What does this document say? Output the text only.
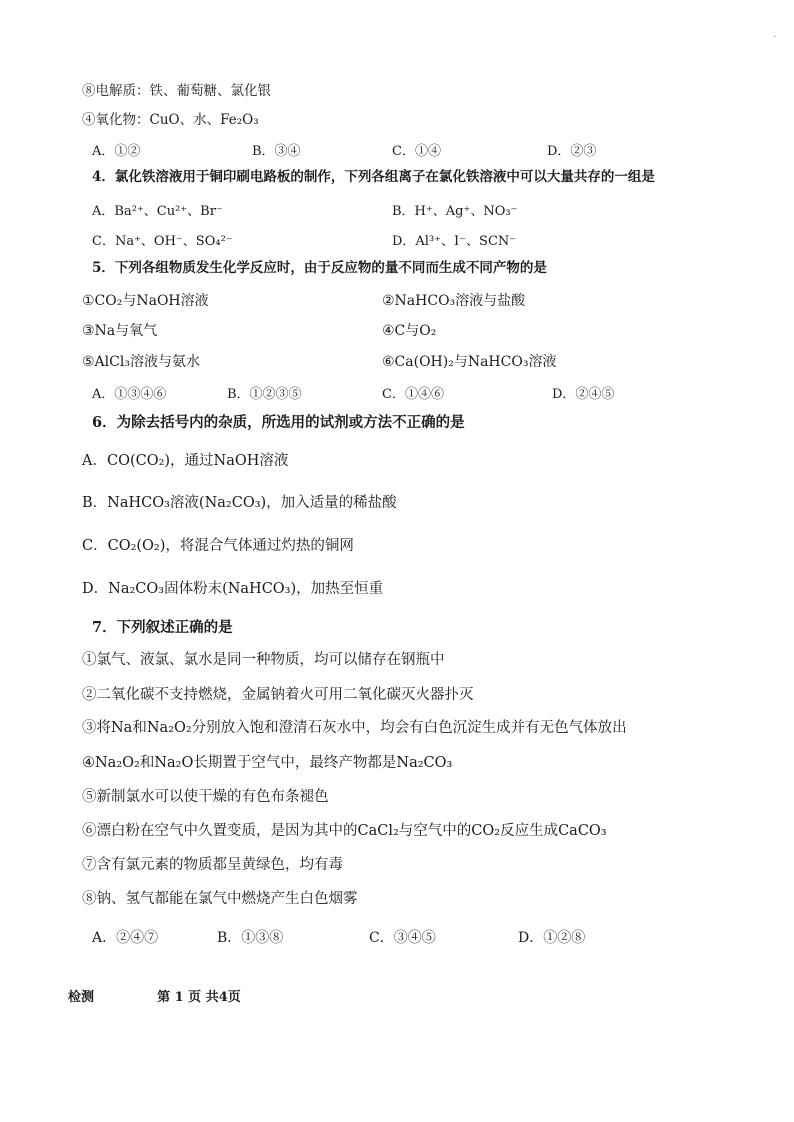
.
⑧电解质：铁、葡萄糖、氯化银
④氧化物：CuO、水、Fe₂O₃
A．①②	B．③④	C．①④	D．②③
4．氯化铁溶液用于铜印刷电路板的制作，下列各组离子在氯化铁溶液中可以大量共存的一组是
A．Ba²⁺、Cu²⁺、Br⁻	B．H⁺、Ag⁺、NO₃⁻
C．Na⁺、OH⁻、SO₄²⁻	D．Al³⁺、I⁻、SCN⁻
5．下列各组物质发生化学反应时，由于反应物的量不同而生成不同产物的是
①CO₂与NaOH溶液	②NaHCO₃溶液与盐酸
③Na与氧气	④C与O₂
⑤AlCl₃溶液与氨水	⑥Ca(OH)₂与NaHCO₃溶液
A．①③④⑥	B．①②③⑤	C．①④⑥	D．②④⑤
6．为除去括号内的杂质，所选用的试剂或方法不正确的是
A．CO(CO₂)，通过NaOH溶液
B．NaHCO₃溶液(Na₂CO₃)，加入适量的稀盐酸
C．CO₂(O₂)，将混合气体通过灼热的铜网
D．Na₂CO₃固体粉末(NaHCO₃)，加热至恒重
7．下列叙述正确的是
①氯气、液氯、氯水是同一种物质，均可以储存在钢瓶中
②二氧化碳不支持燃烧，金属钠着火可用二氧化碳灭火器扑灭
③将Na和Na₂O₂分别放入饱和澄清石灰水中，均会有白色沉淀生成并有无色气体放出
④Na₂O₂和Na₂O长期置于空气中，最终产物都是Na₂CO₃
⑤新制氯水可以使干燥的有色布条褪色
⑥漂白粉在空气中久置变质，是因为其中的CaCl₂与空气中的CO₂反应生成CaCO₃
⑦含有氯元素的物质都呈黄绿色，均有毒
⑧钠、氢气都能在氯气中燃烧产生白色烟雾
A．②④⑦	B．①③⑧	C．③④⑤	D．①②⑧
检测	第 1 页 共4页
